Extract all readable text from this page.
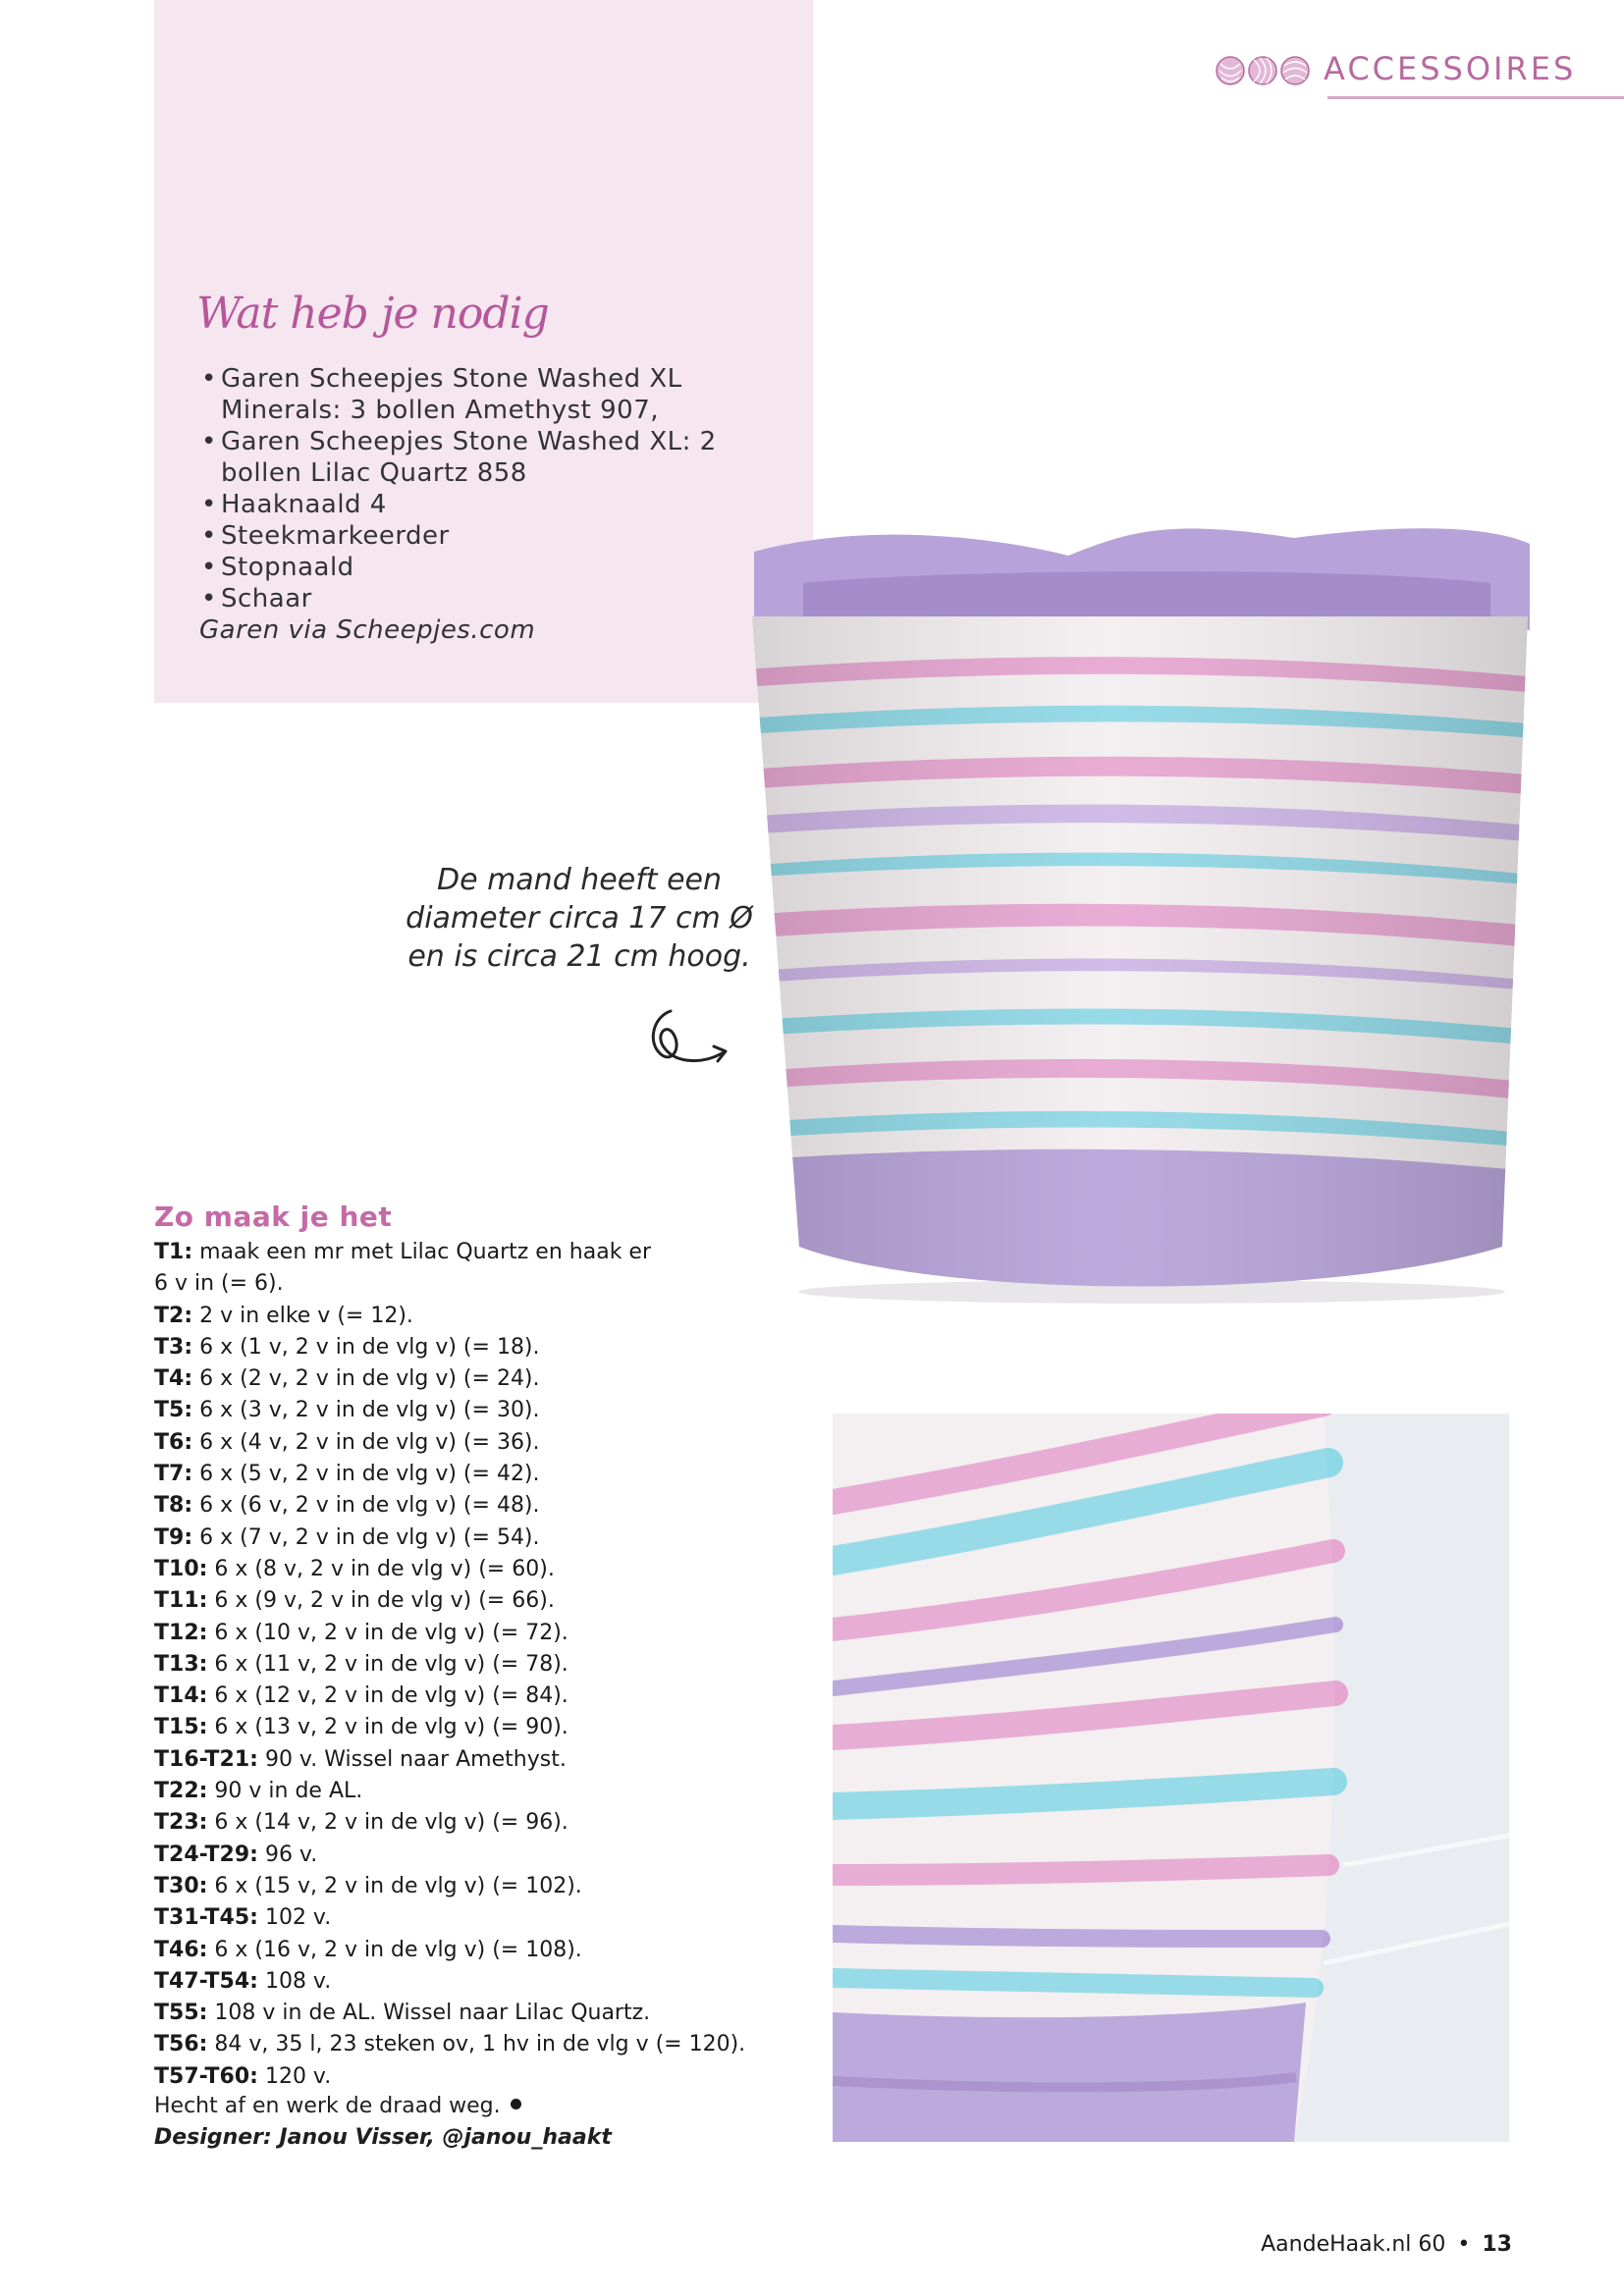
ACCESSOIRES
Wat heb je nodig
• Garen Scheepjes Stone Washed XL Minerals: 3 bollen Amethyst 907,
• Garen Scheepjes Stone Washed XL: 2 bollen Lilac Quartz 858
• Haaknaald 4
• Steekmarkeerder
• Stopnaald
• Schaar
Garen via Scheepjes.com
De mand heeft een diameter circa 17 cm Ø en is circa 21 cm hoog.
Zo maak je het
T1: maak een mr met Lilac Quartz en haak er 6 v in (= 6).
T2: 2 v in elke v (= 12).
T3: 6 x (1 v, 2 v in de vlg v) (= 18).
T4: 6 x (2 v, 2 v in de vlg v) (= 24).
T5: 6 x (3 v, 2 v in de vlg v) (= 30).
T6: 6 x (4 v, 2 v in de vlg v) (= 36).
T7: 6 x (5 v, 2 v in de vlg v) (= 42).
T8: 6 x (6 v, 2 v in de vlg v) (= 48).
T9: 6 x (7 v, 2 v in de vlg v) (= 54).
T10: 6 x (8 v, 2 v in de vlg v) (= 60).
T11: 6 x (9 v, 2 v in de vlg v) (= 66).
T12: 6 x (10 v, 2 v in de vlg v) (= 72).
T13: 6 x (11 v, 2 v in de vlg v) (= 78).
T14: 6 x (12 v, 2 v in de vlg v) (= 84).
T15: 6 x (13 v, 2 v in de vlg v) (= 90).
T16-T21: 90 v. Wissel naar Amethyst.
T22: 90 v in de AL.
T23: 6 x (14 v, 2 v in de vlg v) (= 96).
T24-T29: 96 v.
T30: 6 x (15 v, 2 v in de vlg v) (= 102).
T31-T45: 102 v.
T46: 6 x (16 v, 2 v in de vlg v) (= 108).
T47-T54: 108 v.
T55: 108 v in de AL. Wissel naar Lilac Quartz.
T56: 84 v, 35 l, 23 steken ov, 1 hv in de vlg v (= 120).
T57-T60: 120 v.
Hecht af en werk de draad weg.
Designer: Janou Visser, @janou_haakt
AandeHaak.nl 60 • 13
